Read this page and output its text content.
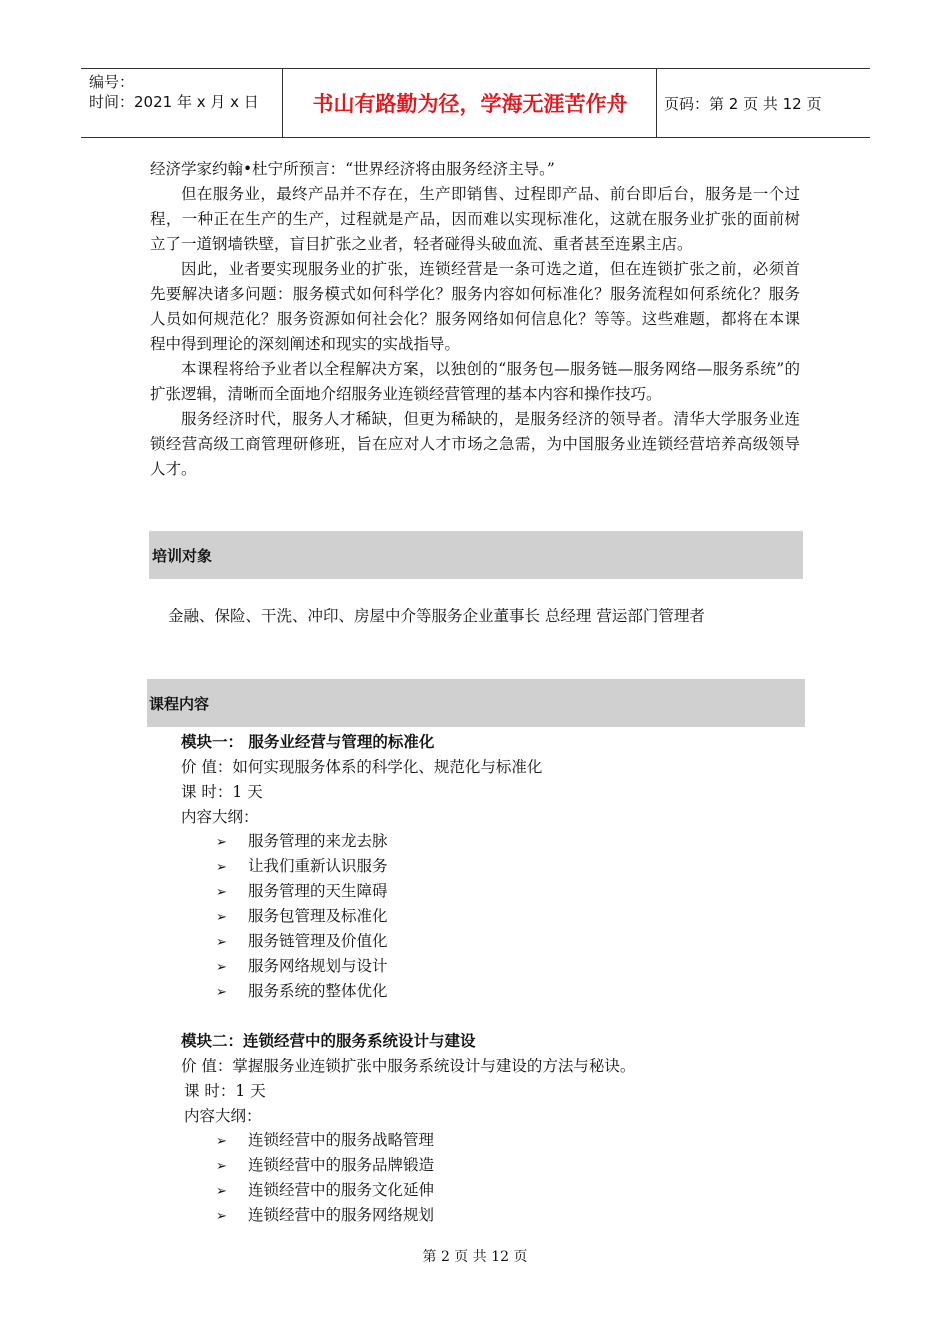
编号：
时间：2021 年 x 月 x 日	书山有路勤为径，学海无涯苦作舟	页码：第 2 页 共 12 页

经济学家约翰•杜宁所预言：“世界经济将由服务经济主导。”

但在服务业，最终产品并不存在，生产即销售、过程即产品、前台即后台，服务是一个过程，一种正在生产的生产，过程就是产品，因而难以实现标准化，这就在服务业扩张的面前树立了一道钢墙铁壁，盲目扩张之业者，轻者碰得头破血流、重者甚至连累主店。

因此，业者要实现服务业的扩张，连锁经营是一条可选之道，但在连锁扩张之前，必须首先要解决诸多问题：服务模式如何科学化？服务内容如何标准化？服务流程如何系统化？服务人员如何规范化？服务资源如何社会化？服务网络如何信息化？等等。这些难题，都将在本课程中得到理论的深刻阐述和现实的实战指导。

本课程将给予业者以全程解决方案，以独创的“服务包—服务链—服务网络—服务系统”的扩张逻辑，清晰而全面地介绍服务业连锁经营管理的基本内容和操作技巧。

服务经济时代，服务人才稀缺，但更为稀缺的，是服务经济的领导者。清华大学服务业连锁经营高级工商管理研修班，旨在应对人才市场之急需，为中国服务业连锁经营培养高级领导人才。

培训对象
金融、保险、干洗、冲印、房屋中介等服务企业董事长 总经理 营运部门管理者
课程内容
模块一： 服务业经营与管理的标准化
价 值：如何实现服务体系的科学化、规范化与标准化
课 时：1 天
内容大纲：
➢ 服务管理的来龙去脉
➢ 让我们重新认识服务
➢ 服务管理的天生障碍
➢ 服务包管理及标准化
➢ 服务链管理及价值化
➢ 服务网络规划与设计
➢ 服务系统的整体优化
模块二：连锁经营中的服务系统设计与建设
价 值：掌握服务业连锁扩张中服务系统设计与建设的方法与秘诀。
课 时：1 天
内容大纲：
➢ 连锁经营中的服务战略管理
➢ 连锁经营中的服务品牌锻造
➢ 连锁经营中的服务文化延伸
➢ 连锁经营中的服务网络规划
第 2 页 共 12 页
